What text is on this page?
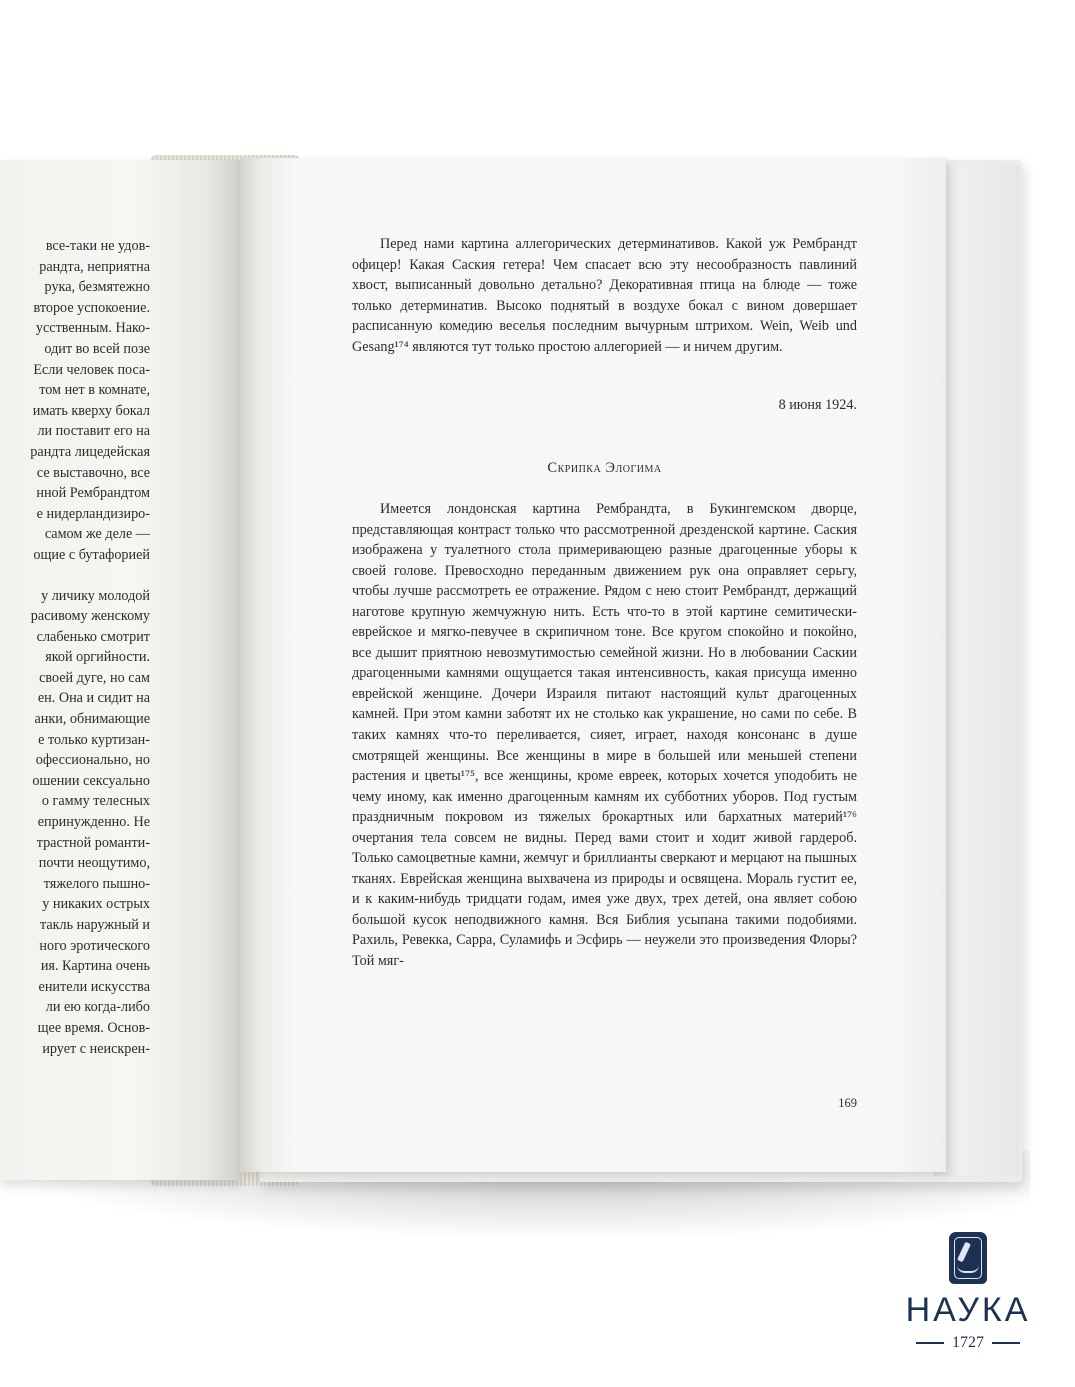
все-таки не удов-
рандта, неприятна
рука, безмятежно
второе успокоение.
усственным. Нако-
одит во всей позе
Если человек поса-
том нет в комнате,
имать кверху бокал
ли поставит его на
рандта лицедейская
се выставочно, все
нной Рембрандтом
е нидерландизиро-
самом же деле —
ощие с бутафорией
у личику молодой
расивому женскому
слабенько смотрит
якой оргийности.
своей дуге, но сам
ен. Она и сидит на
анки, обнимающие
е только куртизан-
офессионально, но
ошении сексуально
о гамму телесных
епринужденно. Не
трастной романти-
почти неощутимо,
тяжелого пышно-
у никаких острых
такль наружный и
ного эротического
ия. Картина очень
енители искусства
ли ею когда-либо
щее время. Основ-
ирует с неискрен-

Перед нами картина аллегорических детерминативов. Какой уж Рембрандт офицер! Какая Саския гетера! Чем спасает всю эту несообразность павлиний хвост, выписанный довольно детально? Декоративная птица на блюде — тоже только детерминатив. Высоко поднятый в воздухе бокал с вином довершает расписанную комедию веселья последним вычурным штрихом. Wein, Weib und Gesang¹⁷⁴ являются тут только простою аллегорией — и ничем другим.

8 июня 1924.
Скрипка Элогима

Имеется лондонская картина Рембрандта, в Букингемском дворце, представляющая контраст только что рассмотренной дрезденской картине. Саския изображена у туалетного стола примеривающею разные драгоценные уборы к своей голове. Превосходно переданным движением рук она оправляет серьгу, чтобы лучше рассмотреть ее отражение. Рядом с нею стоит Рембрандт, держащий наготове крупную жемчужную нить. Есть что-то в этой картине семитически-еврейское и мягко-певучее в скрипичном тоне. Все кругом спокойно и покойно, все дышит приятною невозмутимостью семейной жизни. Но в любовании Саскии драгоценными камнями ощущается такая интенсивность, какая присуща именно еврейской женщине. Дочери Израиля питают настоящий культ драгоценных камней. При этом камни заботят их не столько как украшение, но сами по себе. В таких камнях что-то переливается, сияет, играет, находя консонанс в душе смотрящей женщины. Все женщины в мире в большей или меньшей степени растения и цветы¹⁷⁵, все женщины, кроме евреек, которых хочется уподобить не чему иному, как именно драгоценным камням их субботних уборов. Под густым праздничным покровом из тяжелых брокартных или бархатных материй¹⁷⁶ очертания тела совсем не видны. Перед вами стоит и ходит живой гардероб. Только самоцветные камни, жемчуг и бриллианты сверкают и мерцают на пышных тканях. Еврейская женщина выхвачена из природы и освящена. Мораль густит ее, и к каким-нибудь тридцати годам, имея уже двух, трех детей, она являет собою большой кусок неподвижного камня. Вся Библия усыпана такими подобиями. Рахиль, Ревекка, Сарра, Суламифь и Эсфирь — неужели это произведения Флоры? Той мяг-

169
НАУКА
1727
